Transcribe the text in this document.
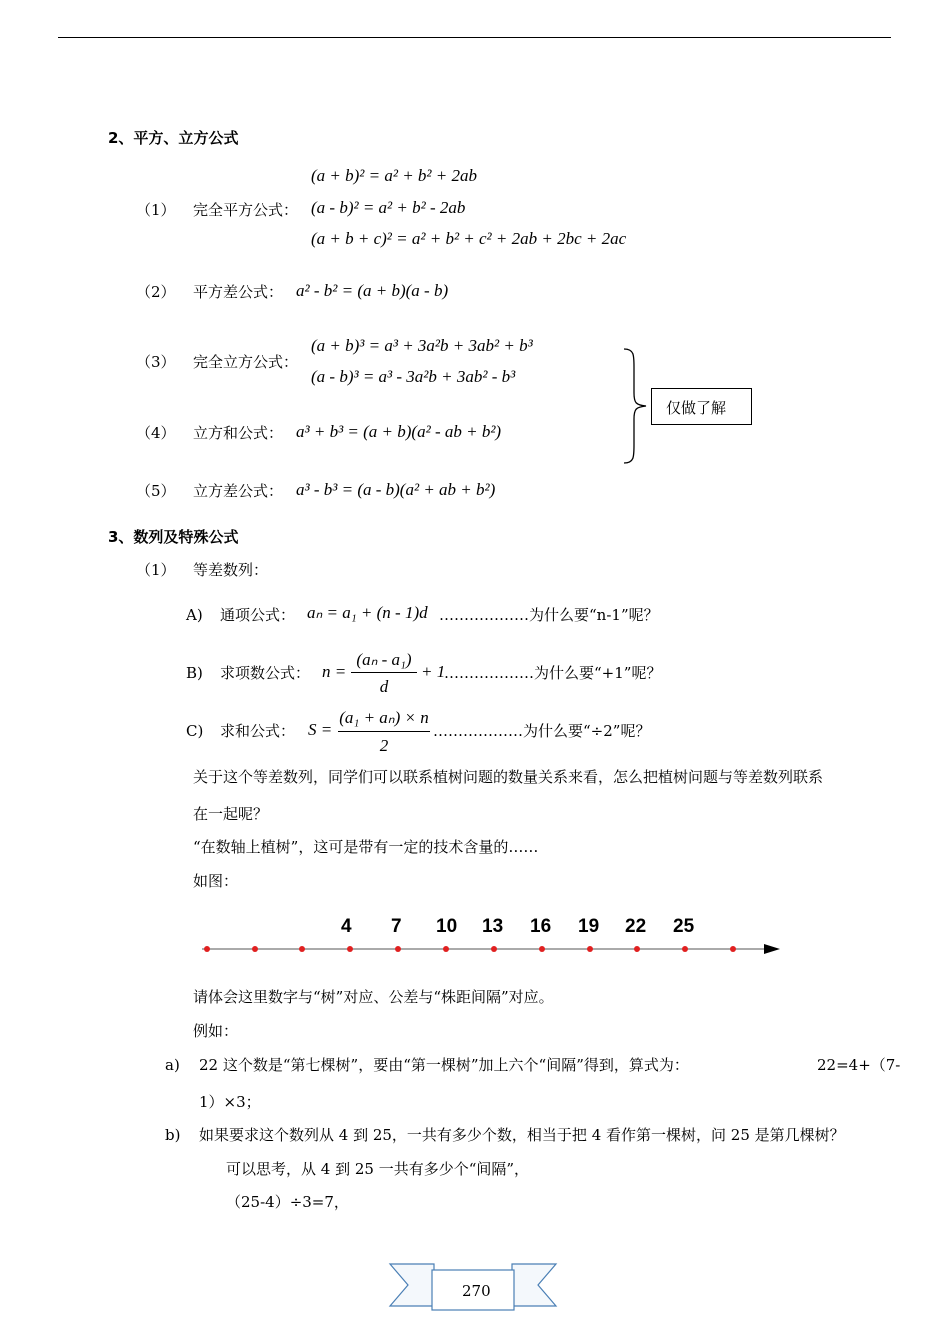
2、平方、立方公式
（1） 完全平方公式：
(a + b)² = a² + b² + 2ab
(a - b)² = a² + b² - 2ab
(a + b + c)² = a² + b² + c² + 2ab + 2bc + 2ac
（2） 平方差公式： a² - b² = (a + b)(a - b)
（3） 完全立方公式：
(a + b)³ = a³ + 3a²b + 3ab² + b³
(a - b)³ = a³ - 3a²b + 3ab² - b³
（4） 立方和公式： a³ + b³ = (a + b)(a² - ab + b²)
（5） 立方差公式： a³ - b³ = (a - b)(a² + ab + b²)
仅做了解
3、数列及特殊公式
（1） 等差数列：
A) 通项公式： aₙ = a₁ + (n - 1)d ………………为什么要“n-1”呢？
B) 求项数公式： n =
(aₙ - a₁)
d
+ 1
………………为什么要“+1”呢？
C) 求和公式： S =
(a₁ + aₙ) × n
2
………………为什么要“÷2”呢？
关于这个等差数列，同学们可以联系植树问题的数量关系来看，怎么把植树问题与等差数列联系
在一起呢？
“在数轴上植树”，这可是带有一定的技术含量的……
如图：
4 7 10 13 16 19 22 25
请体会这里数字与“树”对应、公差与“株距间隔”对应。
例如：
a) 22 这个数是“第七棵树”，要由“第一棵树”加上六个“间隔”得到，算式为：	22=4+（7-
1）×3；
b) 如果要求这个数列从 4 到 25，一共有多少个数，相当于把 4 看作第一棵树，问 25 是第几棵树？
可以思考，从 4 到 25 一共有多少个“间隔”，
（25-4）÷3=7，
270
